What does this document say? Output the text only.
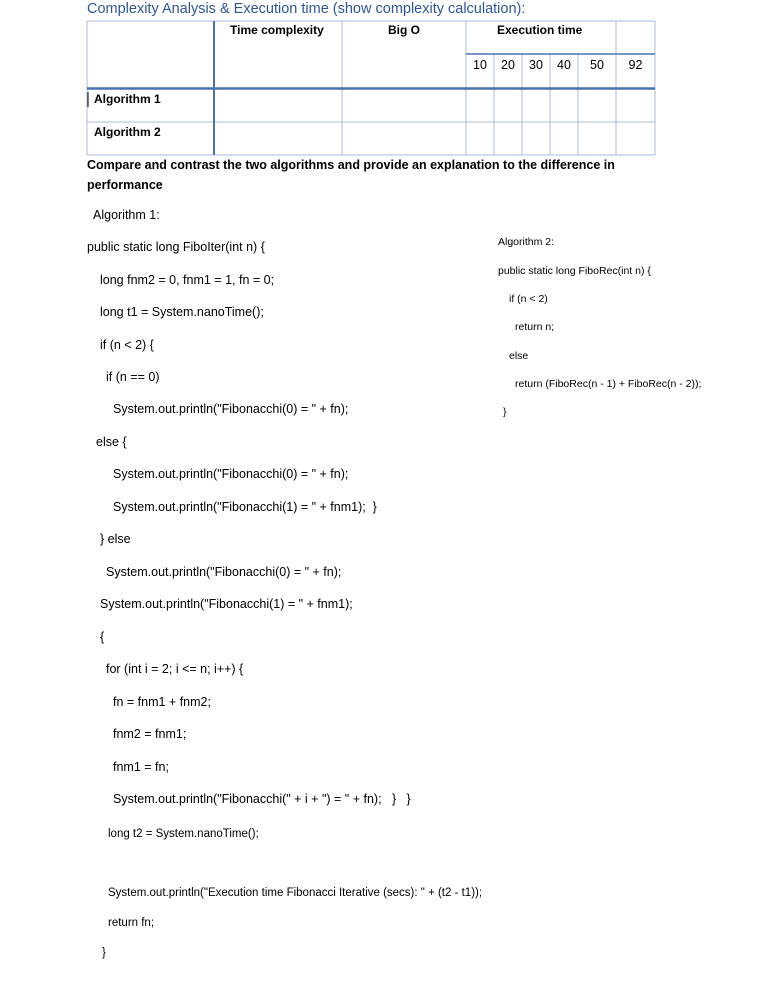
Complexity Analysis & Execution time (show complexity calculation):
Time complexity	Big O	Execution time
10	20	30	40	50	92
Algorithm 1
Algorithm 2
Compare and contrast the two algorithms and provide an explanation to the difference in performance
Algorithm 1:
public static long FiboIter(int n) {
long fnm2 = 0, fnm1 = 1, fn = 0;
long t1 = System.nanoTime();
if (n < 2) {
if (n == 0)
System.out.println("Fibonacchi(0) = " + fn);
else {
System.out.println("Fibonacchi(0) = " + fn);
System.out.println("Fibonacchi(1) = " + fnm1);  }
} else
System.out.println("Fibonacchi(0) = " + fn);
System.out.println("Fibonacchi(1) = " + fnm1);
{
for (int i = 2; i <= n; i++) {
fn = fnm1 + fnm2;
fnm2 = fnm1;
fnm1 = fn;
System.out.println("Fibonacchi(" + i + ") = " + fn);   }   }
long t2 = System.nanoTime();
System.out.println("Execution time Fibonacci Iterative (secs): " + (t2 - t1));
return fn;
}
Algorithm 2:
public static long FiboRec(int n) {
if (n < 2)
return n;
else
return (FiboRec(n - 1) + FiboRec(n - 2));
}
